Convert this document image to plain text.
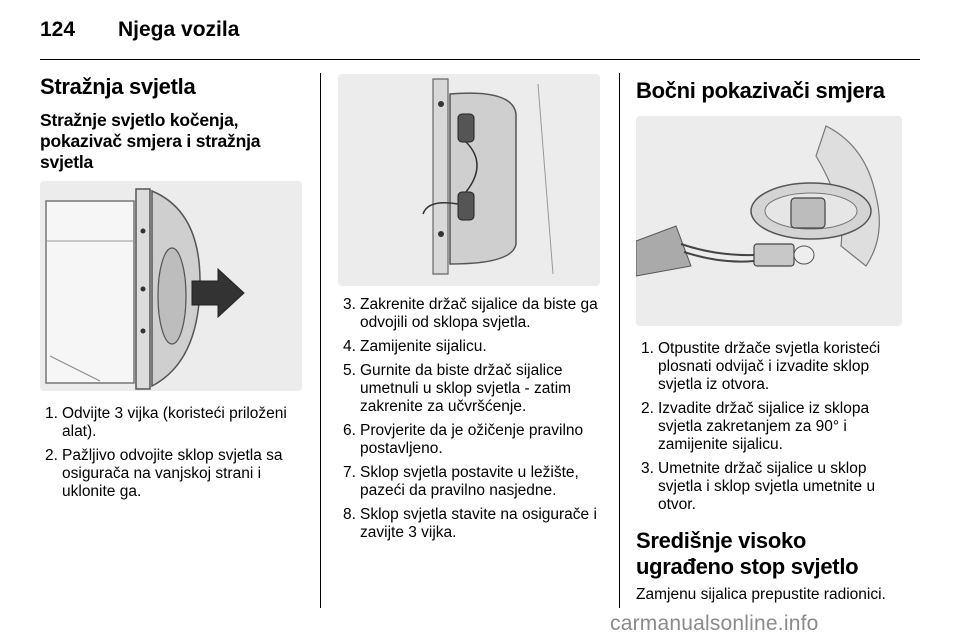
124 Njega vozila
Stražnja svjetla
Stražnje svjetlo kočenja, pokazivač smjera i stražnja svjetla
1. Odvijte 3 vijka (koristeći priloženi alat).
2. Pažljivo odvojite sklop svjetla sa osigurača na vanjskoj strani i uklonite ga.
3. Zakrenite držač sijalice da biste ga odvojili od sklopa svjetla.
4. Zamijenite sijalicu.
5. Gurnite da biste držač sijalice umetnuli u sklop svjetla - zatim zakrenite za učvršćenje.
6. Provjerite da je ožičenje pravilno postavljeno.
7. Sklop svjetla postavite u ležište, pazeći da pravilno nasjedne.
8. Sklop svjetla stavite na osigurače i zavijte 3 vijka.
Bočni pokazivači smjera
1. Otpustite držače svjetla koristeći plosnati odvijač i izvadite sklop svjetla iz otvora.
2. Izvadite držač sijalice iz sklopa svjetla zakretanjem za 90° i zamijenite sijalicu.
3. Umetnite držač sijalice u sklop svjetla i sklop svjetla umetnite u otvor.
Središnje visoko ugrađeno stop svjetlo

Zamjenu sijalica prepustite radionici.

carmanualsonline.info
